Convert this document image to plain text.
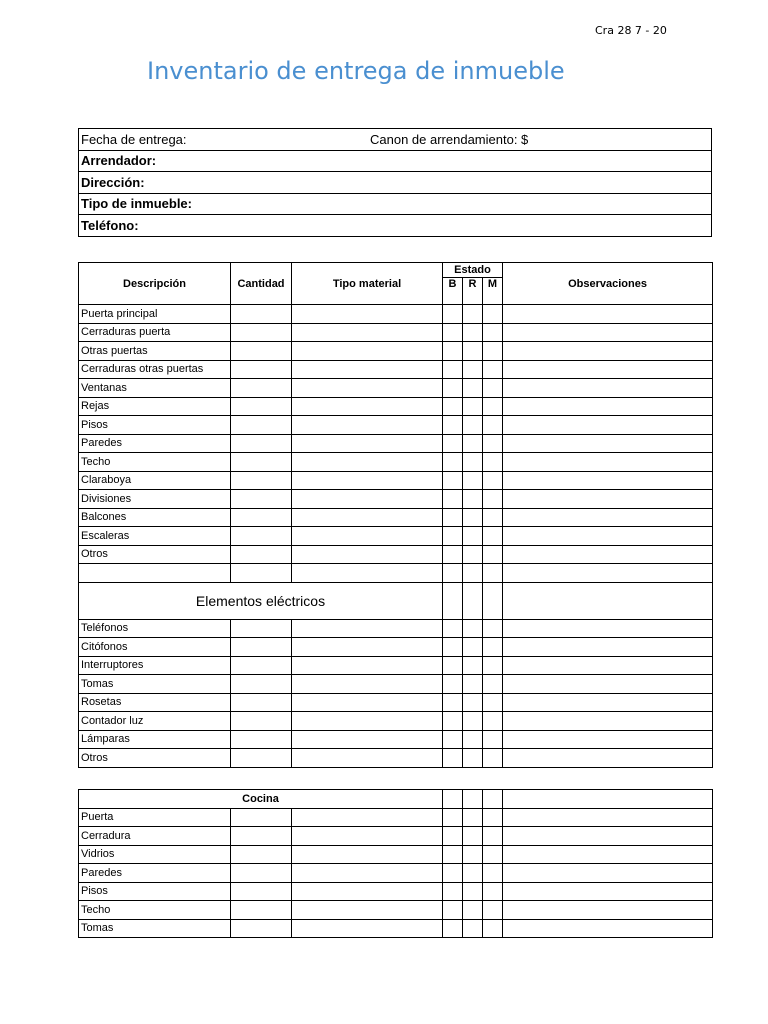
Cra 28 7 - 20
Inventario de entrega de inmueble
Fecha de entrega:	Canon de arrendamiento: $

Arrendador:
Dirección:
Tipo de inmueble:
Teléfono:
Descripción	Cantidad	Tipo material	Estado			Observaciones
			B	R	M	
Puerta principal						
Cerraduras puerta						
Otras puertas						
Cerraduras otras puertas						
Ventanas						
Rejas						
Pisos						
Paredes						
Techo						
Claraboya						
Divisiones						
Balcones						
Escaleras						
Otros						

Elementos eléctricos						
Teléfonos						
Citófonos						
Interruptores						
Tomas						
Rosetas						
Contador luz						
Lámparas						
Otros						
Cocina						
Puerta						
Cerradura						
Vidrios						
Paredes						
Pisos						
Techo						
Tomas						
